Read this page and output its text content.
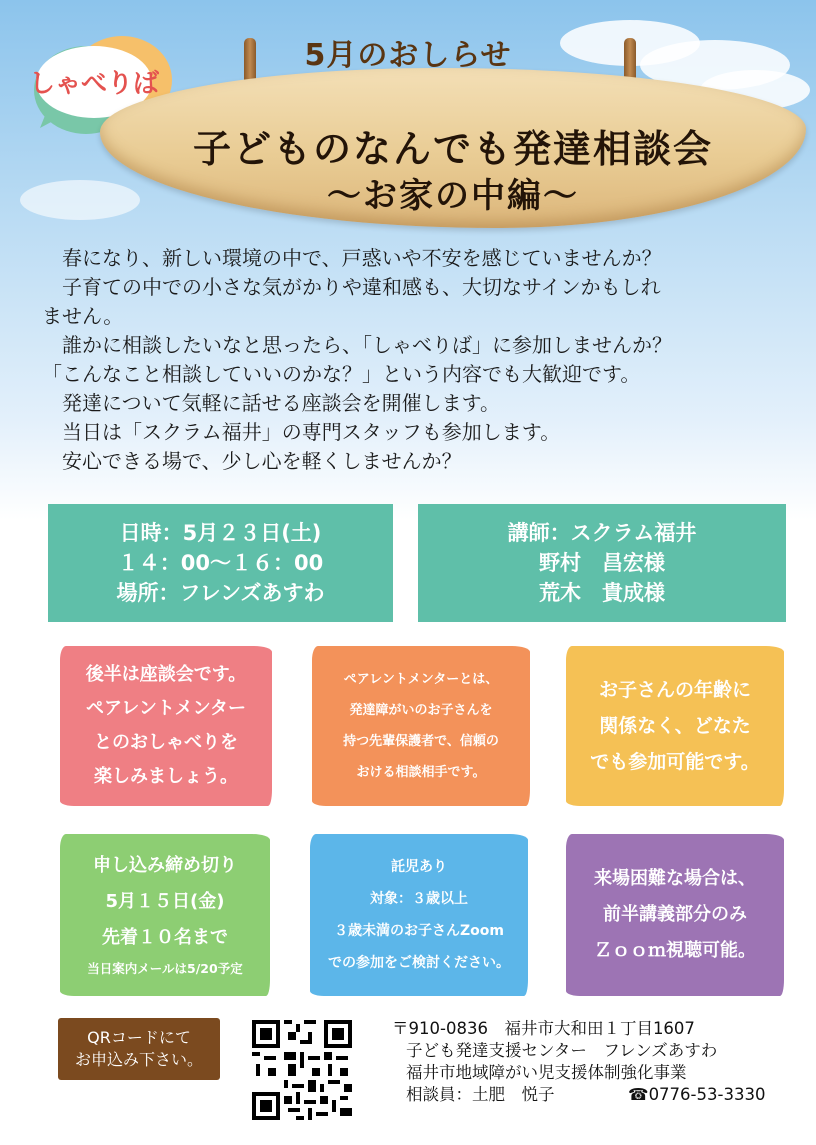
しゃべりば
5月のおしらせ
子どものなんでも発達相談会
～お家の中編～

　春になり、新しい環境の中で、戸惑いや不安を感じていませんか？

　子育ての中での小さな気がかりや違和感も、大切なサインかもしれ

ません。

　誰かに相談したいなと思ったら、「しゃべりば」に参加しませんか？

「こんなこと相談していいのかな？」という内容でも大歓迎です。

　発達について気軽に話せる座談会を開催します。

　当日は「スクラム福井」の専門スタッフも参加します。

　安心できる場で、少し心を軽くしませんか？

日時：5月２３日(土)
１４：00～１６：00
場所：フレンズあすわ
講師：スクラム福井
野村　昌宏様
荒木　貴成様
後半は座談会です。
ペアレントメンター
とのおしゃべりを
楽しみましょう。
ペアレントメンターとは、
発達障がいのお子さんを
持つ先輩保護者で、信頼の
おける相談相手です。
お子さんの年齢に
関係なく、どなた
でも参加可能です。
申し込み締め切り
5月１５日(金)
先着１０名まで
当日案内メールは5/20予定
託児あり
対象：３歳以上
３歳未満のお子さんZoom
での参加をご検討ください。
来場困難な場合は、
前半講義部分のみ
Ｚｏｏｍ視聴可能。
QRコードにて
お申込み下さい。
〒910-0836　福井市大和田１丁目1607
子ども発達支援センター　フレンズあすわ
福井市地域障がい児支援体制強化事業
相談員：土肥　悦子	☎0776-53-3330
